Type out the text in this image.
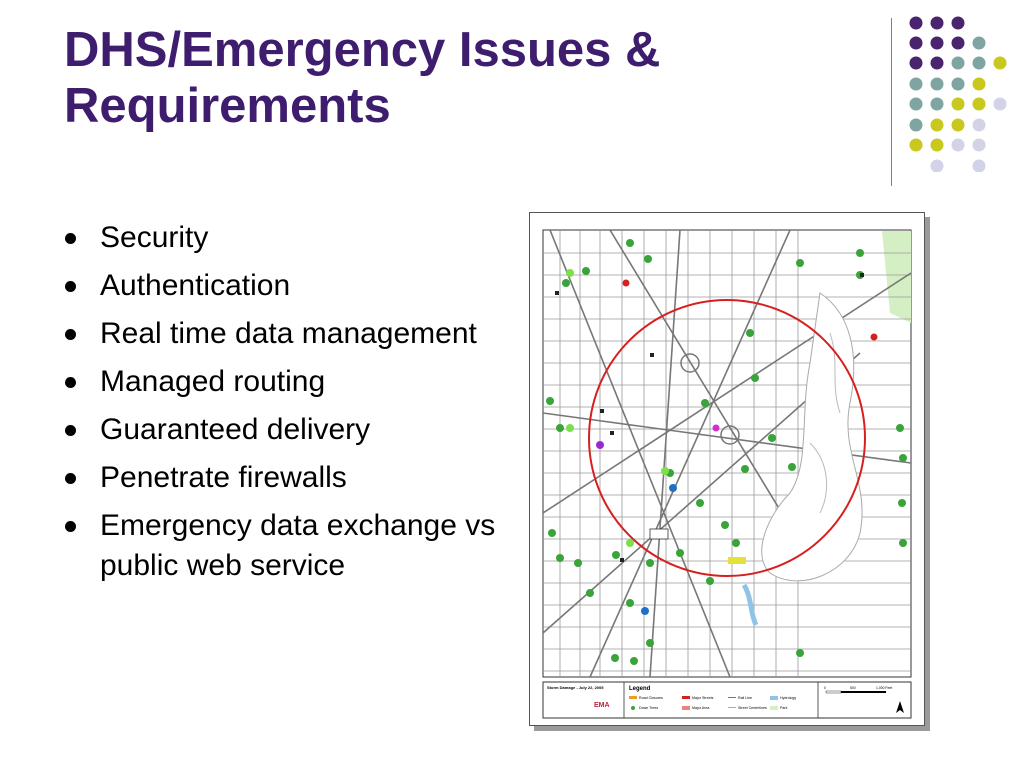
DHS/Emergency Issues &
Requirements
Security
Authentication
Real time data management
Managed routing
Guaranteed delivery
Penetrate firewalls
Emergency data exchange vs public web service
Storm Damage - July 22, 2005
EMA
Legend
Road Closures	Major Streets	Rail Line	Hydrology
Down Trees	Major Area	Street Centerlines	Park
0	500	1,000 Feet
